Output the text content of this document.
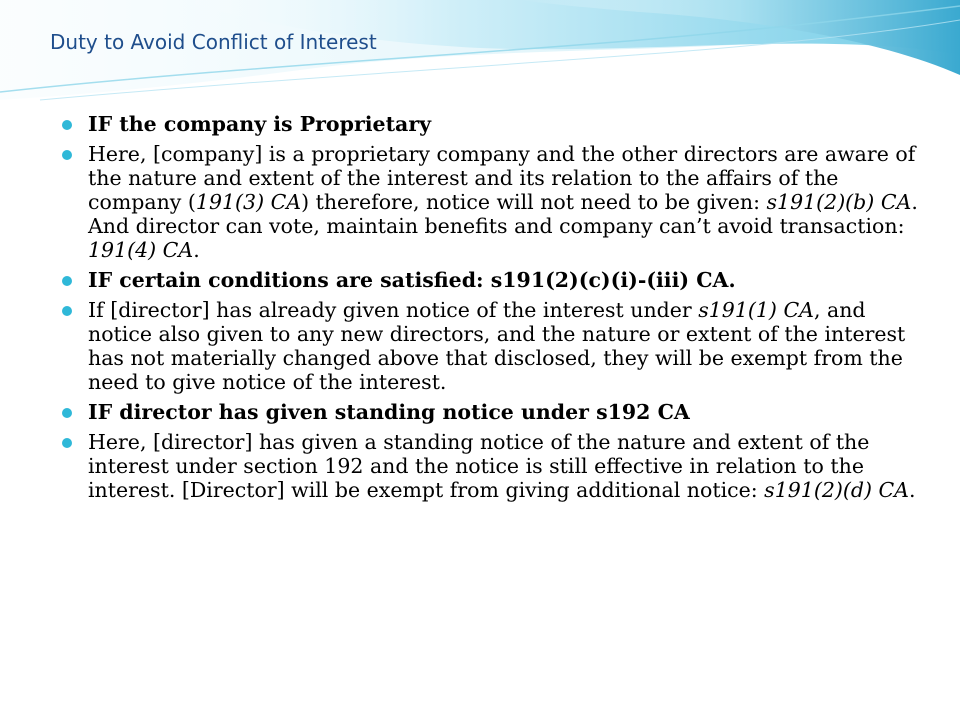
Duty to Avoid Conflict of Interest
IF the company is Proprietary
Here, [company] is a proprietary company and the other directors are aware of the nature and extent of the interest and its relation to the affairs of the company (191(3) CA) therefore, notice will not need to be given: s191(2)(b) CA. And director can vote, maintain benefits and company can’t avoid transaction: 191(4) CA.
IF certain conditions are satisfied: s191(2)(c)(i)-(iii) CA.
If [director] has already given notice of the interest under s191(1) CA, and notice also given to any new directors, and the nature or extent of the interest has not materially changed above that disclosed, they will be exempt from the need to give notice of the interest.
IF director has given standing notice under s192 CA
Here, [director] has given a standing notice of the nature and extent of the interest under section 192 and the notice is still effective in relation to the interest. [Director] will be exempt from giving additional notice: s191(2)(d) CA.
